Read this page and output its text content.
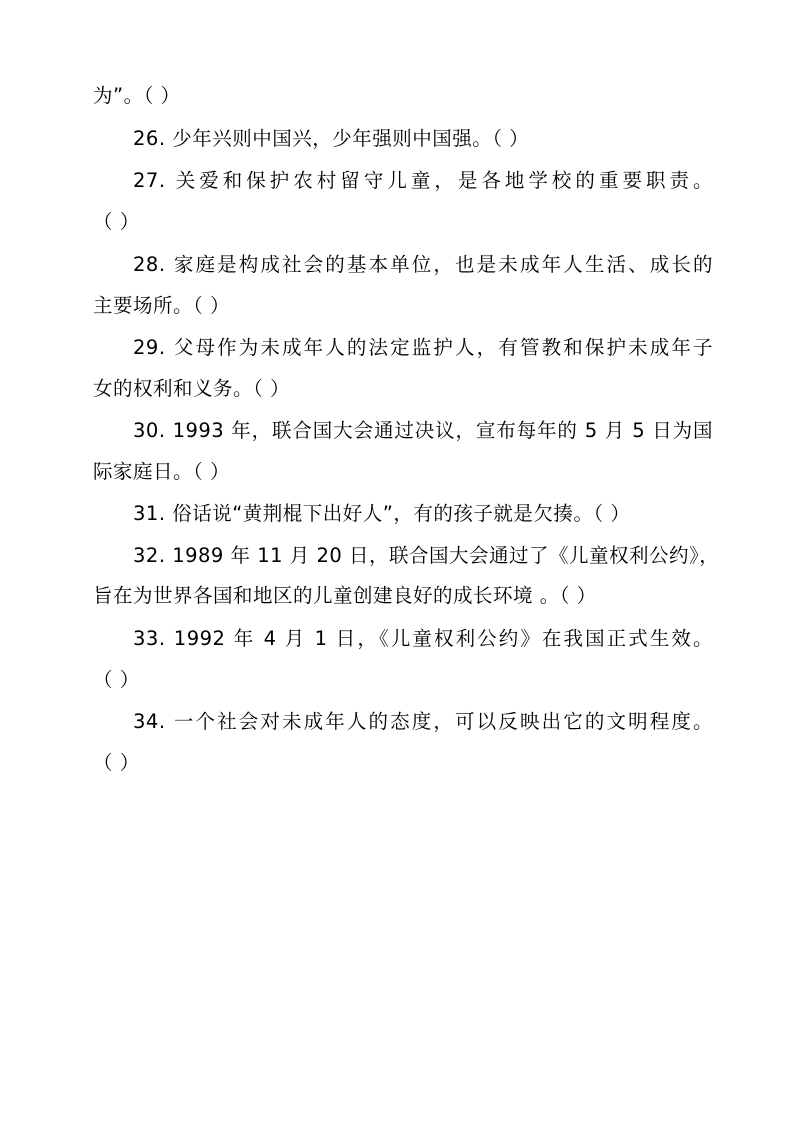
为”。（ ）
26. 少年兴则中国兴，少年强则中国强。（ ）
27. 关爱和保护农村留守儿童，是各地学校的重要职责。
（ ）
28. 家庭是构成社会的基本单位，也是未成年人生活、成长的
主要场所。（ ）
29. 父母作为未成年人的法定监护人，有管教和保护未成年子
女的权利和义务。（ ）
30. 1993 年，联合国大会通过决议，宣布每年的 5 月 5 日为国
际家庭日。（ ）
31. 俗话说“黄荆棍下出好人”，有的孩子就是欠揍。（ ）
32. 1989 年 11 月 20 日，联合国大会通过了《儿童权利公约》，
旨在为世界各国和地区的儿童创建良好的成长环境 。（ ）
33. 1992 年 4 月 1 日，《儿童权利公约》在我国正式生效。
（ ）
34. 一个社会对未成年人的态度，可以反映出它的文明程度。
（ ）
